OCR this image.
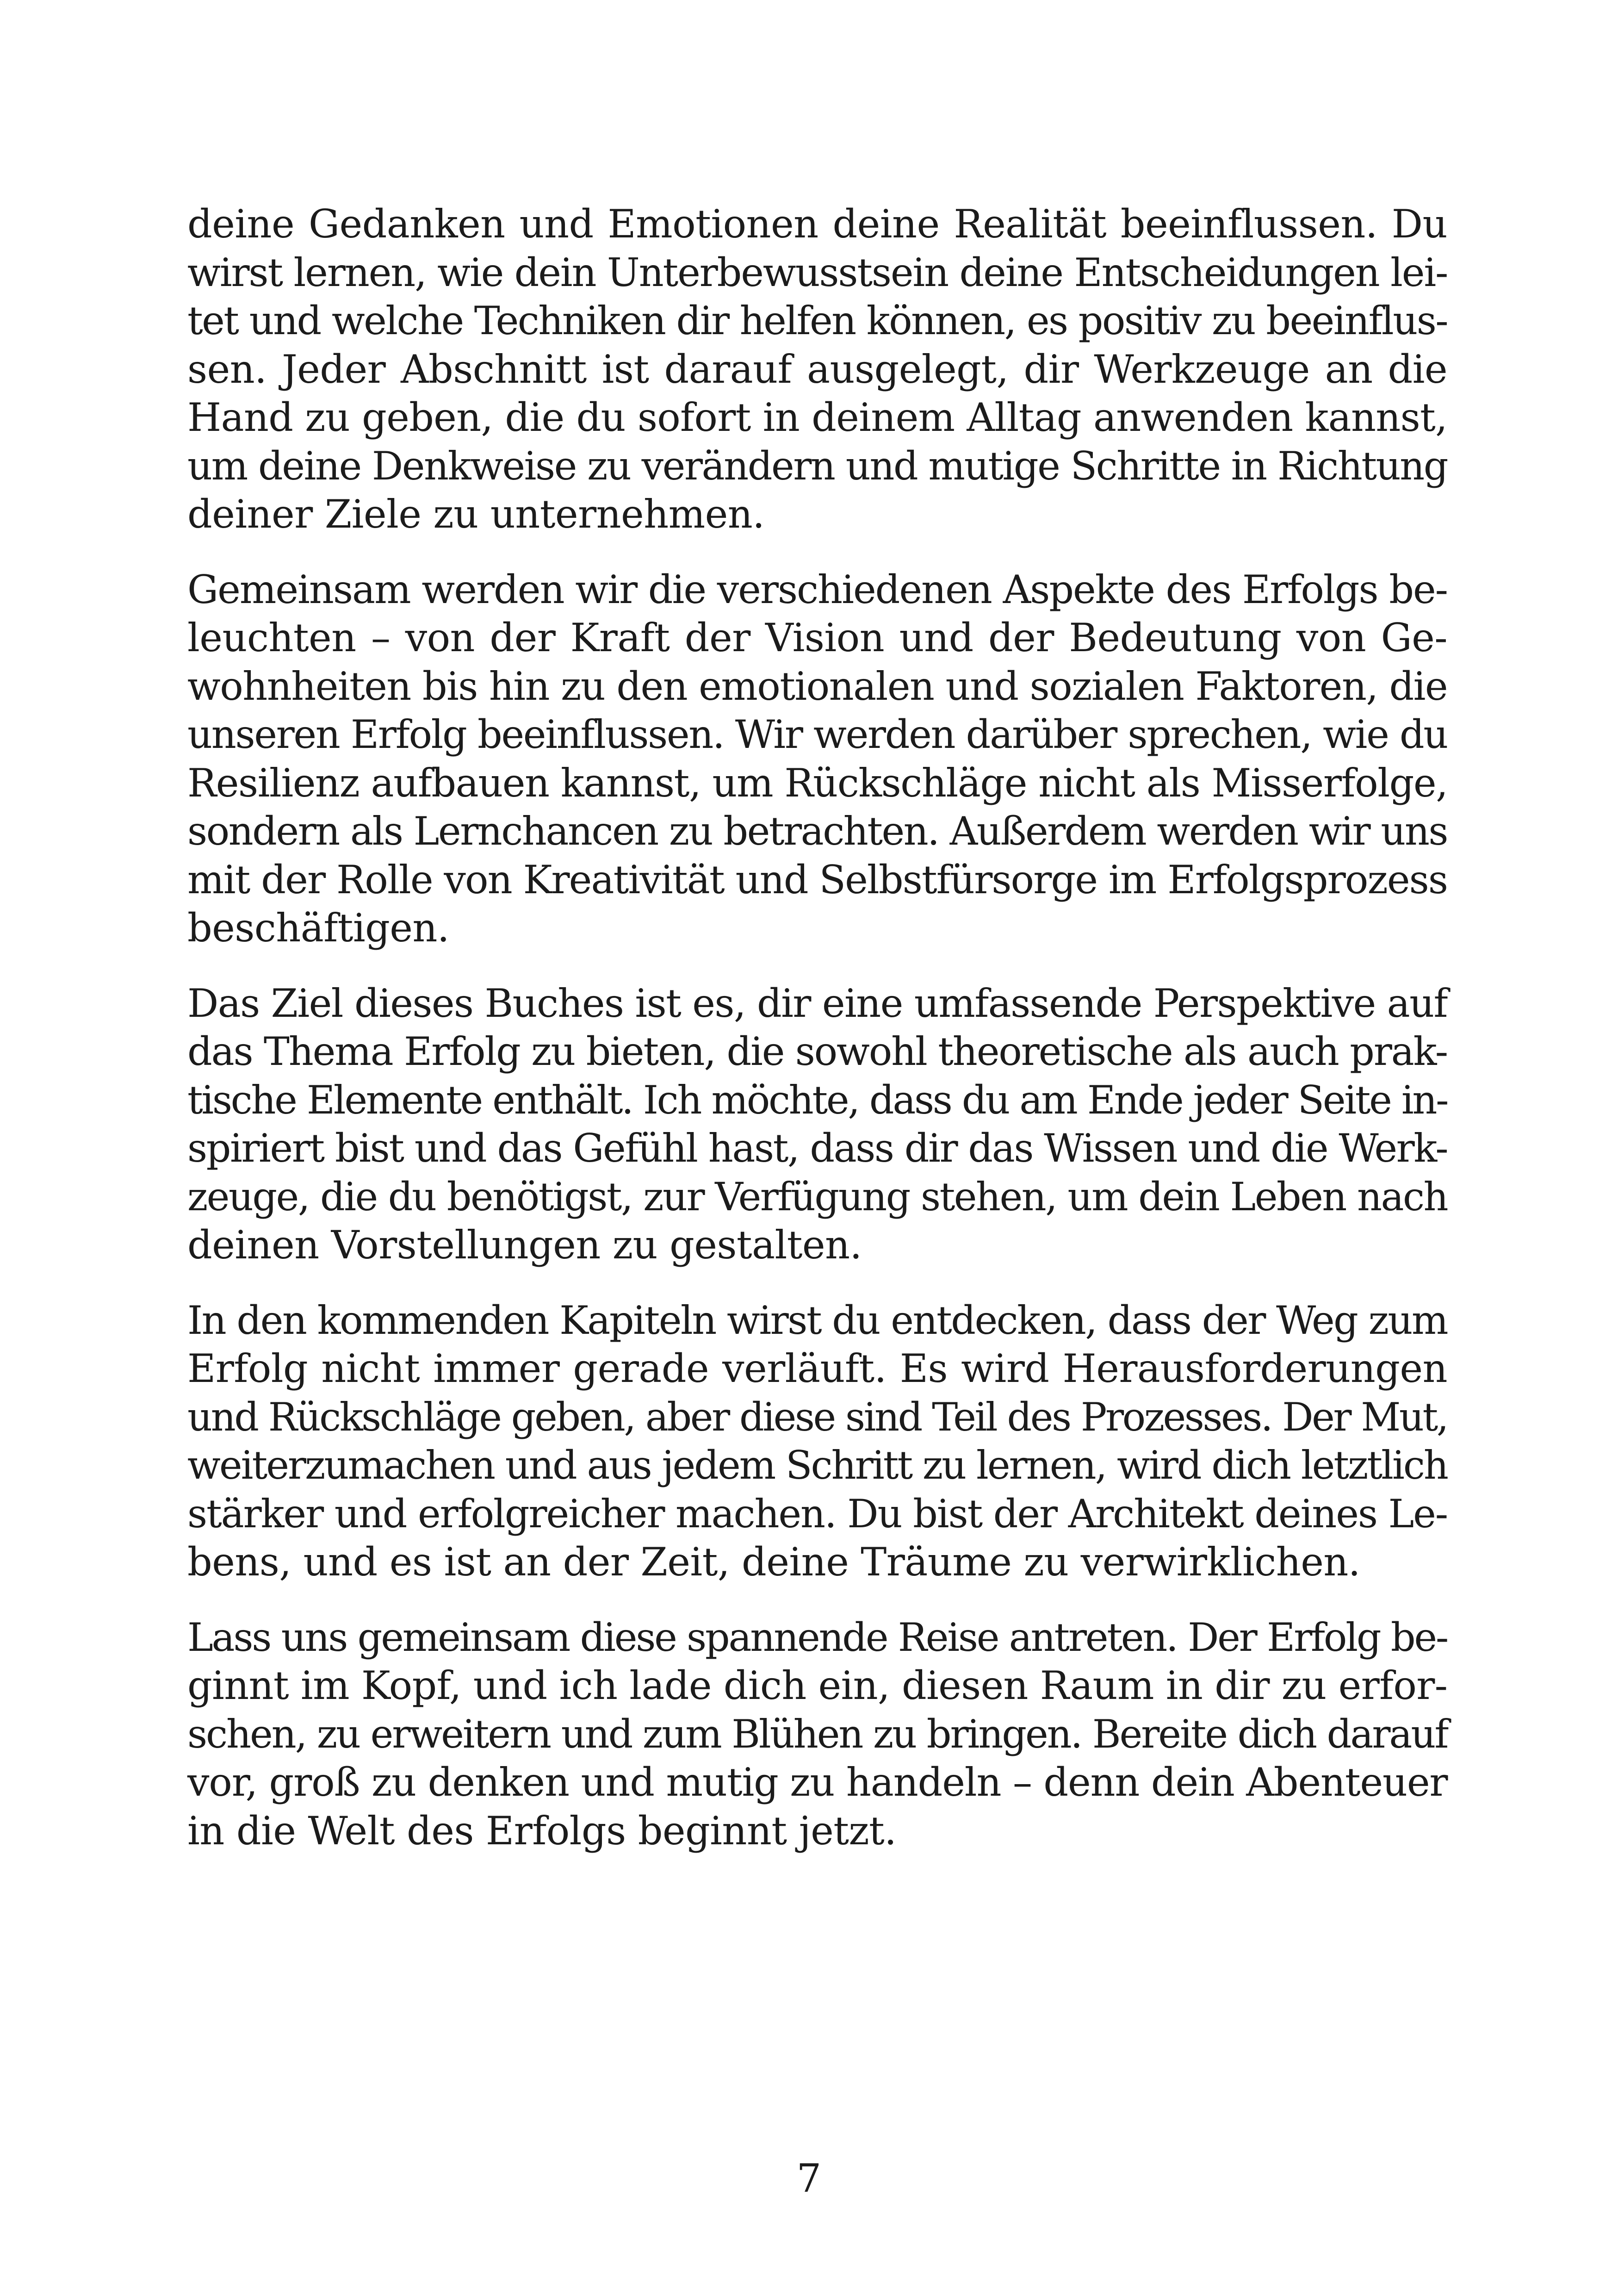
deine Gedanken und Emotionen deine Realität beeinflussen. Du
wirst lernen, wie dein Unterbewusstsein deine Entscheidungen lei-
tet und welche Techniken dir helfen können, es positiv zu beeinflus-
sen. Jeder Abschnitt ist darauf ausgelegt, dir Werkzeuge an die
Hand zu geben, die du sofort in deinem Alltag anwenden kannst,
um deine Denkweise zu verändern und mutige Schritte in Richtung
deiner Ziele zu unternehmen.

Gemeinsam werden wir die verschiedenen Aspekte des Erfolgs be-
leuchten – von der Kraft der Vision und der Bedeutung von Ge-
wohnheiten bis hin zu den emotionalen und sozialen Faktoren, die
unseren Erfolg beeinflussen. Wir werden darüber sprechen, wie du
Resilienz aufbauen kannst, um Rückschläge nicht als Misserfolge,
sondern als Lernchancen zu betrachten. Außerdem werden wir uns
mit der Rolle von Kreativität und Selbstfürsorge im Erfolgsprozess
beschäftigen.

Das Ziel dieses Buches ist es, dir eine umfassende Perspektive auf
das Thema Erfolg zu bieten, die sowohl theoretische als auch prak-
tische Elemente enthält. Ich möchte, dass du am Ende jeder Seite in-
spiriert bist und das Gefühl hast, dass dir das Wissen und die Werk-
zeuge, die du benötigst, zur Verfügung stehen, um dein Leben nach
deinen Vorstellungen zu gestalten.

In den kommenden Kapiteln wirst du entdecken, dass der Weg zum
Erfolg nicht immer gerade verläuft. Es wird Herausforderungen
und Rückschläge geben, aber diese sind Teil des Prozesses. Der Mut,
weiterzumachen und aus jedem Schritt zu lernen, wird dich letztlich
stärker und erfolgreicher machen. Du bist der Architekt deines Le-
bens, und es ist an der Zeit, deine Träume zu verwirklichen.

Lass uns gemeinsam diese spannende Reise antreten. Der Erfolg be-
ginnt im Kopf, und ich lade dich ein, diesen Raum in dir zu erfor-
schen, zu erweitern und zum Blühen zu bringen. Bereite dich darauf
vor, groß zu denken und mutig zu handeln – denn dein Abenteuer
in die Welt des Erfolgs beginnt jetzt.

7
